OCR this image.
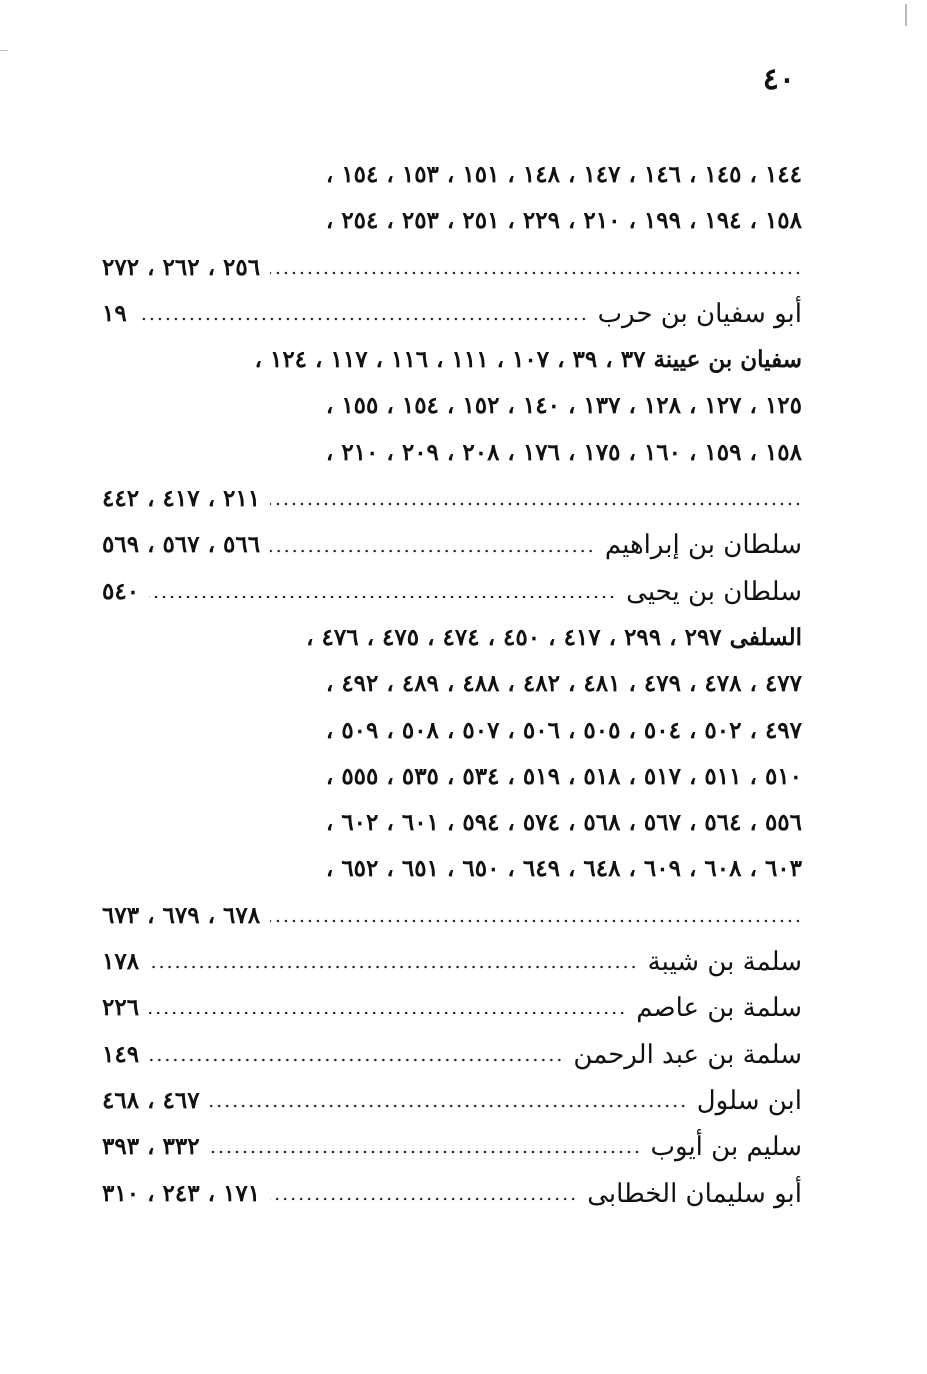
٤٠
١٤٤ ، ١٤٥ ، ١٤٦ ، ١٤٧ ، ١٤٨ ، ١٥١ ، ١٥٣ ، ١٥٤ ،
١٥٨ ، ١٩٤ ، ١٩٩ ، ٢١٠ ، ٢٢٩ ، ٢٥١ ، ٢٥٣ ، ٢٥٤ ،
٢٥٦ ، ٢٦٢ ، ٢٧٢
أبو سفيان بن حرب
١٩
سفيان بن عيينة ٣٧ ، ٣٩ ، ١٠٧ ، ١١١ ، ١١٦ ، ١١٧ ، ١٢٤ ،
١٢٥ ، ١٢٧ ، ١٢٨ ، ١٣٧ ، ١٤٠ ، ١٥٢ ، ١٥٤ ، ١٥٥ ،
١٥٨ ، ١٥٩ ، ١٦٠ ، ١٧٥ ، ١٧٦ ، ٢٠٨ ، ٢٠٩ ، ٢١٠ ،
٢١١ ، ٤١٧ ، ٤٤٢
سلطان بن إبراهيم
٥٦٦ ، ٥٦٧ ، ٥٦٩
سلطان بن يحيى
٥٤٠
السلفى ٢٩٧ ، ٢٩٩ ، ٤١٧ ، ٤٥٠ ، ٤٧٤ ، ٤٧٥ ، ٤٧٦ ،
٤٧٧ ، ٤٧٨ ، ٤٧٩ ، ٤٨١ ، ٤٨٢ ، ٤٨٨ ، ٤٨٩ ، ٤٩٢ ،
٤٩٧ ، ٥٠٢ ، ٥٠٤ ، ٥٠٥ ، ٥٠٦ ، ٥٠٧ ، ٥٠٨ ، ٥٠٩ ،
٥١٠ ، ٥١١ ، ٥١٧ ، ٥١٨ ، ٥١٩ ، ٥٣٤ ، ٥٣٥ ، ٥٥٥ ،
٥٥٦ ، ٥٦٤ ، ٥٦٧ ، ٥٦٨ ، ٥٧٤ ، ٥٩٤ ، ٦٠١ ، ٦٠٢ ،
٦٠٣ ، ٦٠٨ ، ٦٠٩ ، ٦٤٨ ، ٦٤٩ ، ٦٥٠ ، ٦٥١ ، ٦٥٢ ،
٦٧٨ ، ٦٧٩ ، ٦٧٣
سلمة بن شيبة
١٧٨
سلمة بن عاصم
٢٢٦
سلمة بن عبد الرحمن
١٤٩
ابن سلول
٤٦٧ ، ٤٦٨
سليم بن أيوب
٣٣٢ ، ٣٩٣
أبو سليمان الخطابى
١٧١ ، ٢٤٣ ، ٣١٠
